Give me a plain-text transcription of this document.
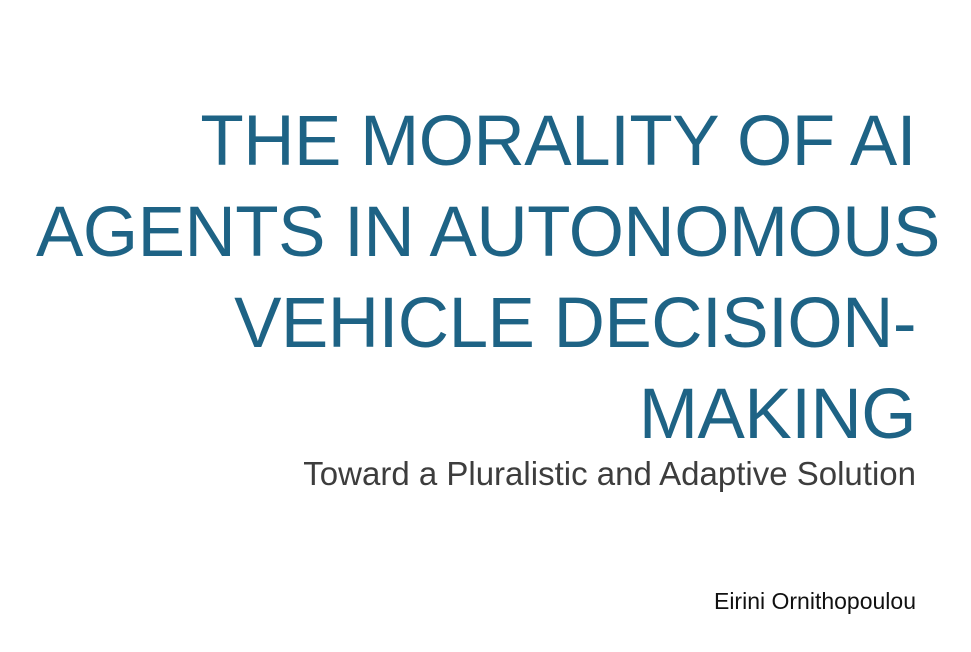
THE MORALITY OF AI
AGENTS IN AUTONOMOUS
VEHICLE DECISION-
MAKING
Toward a Pluralistic and Adaptive Solution
Eirini Ornithopoulou
